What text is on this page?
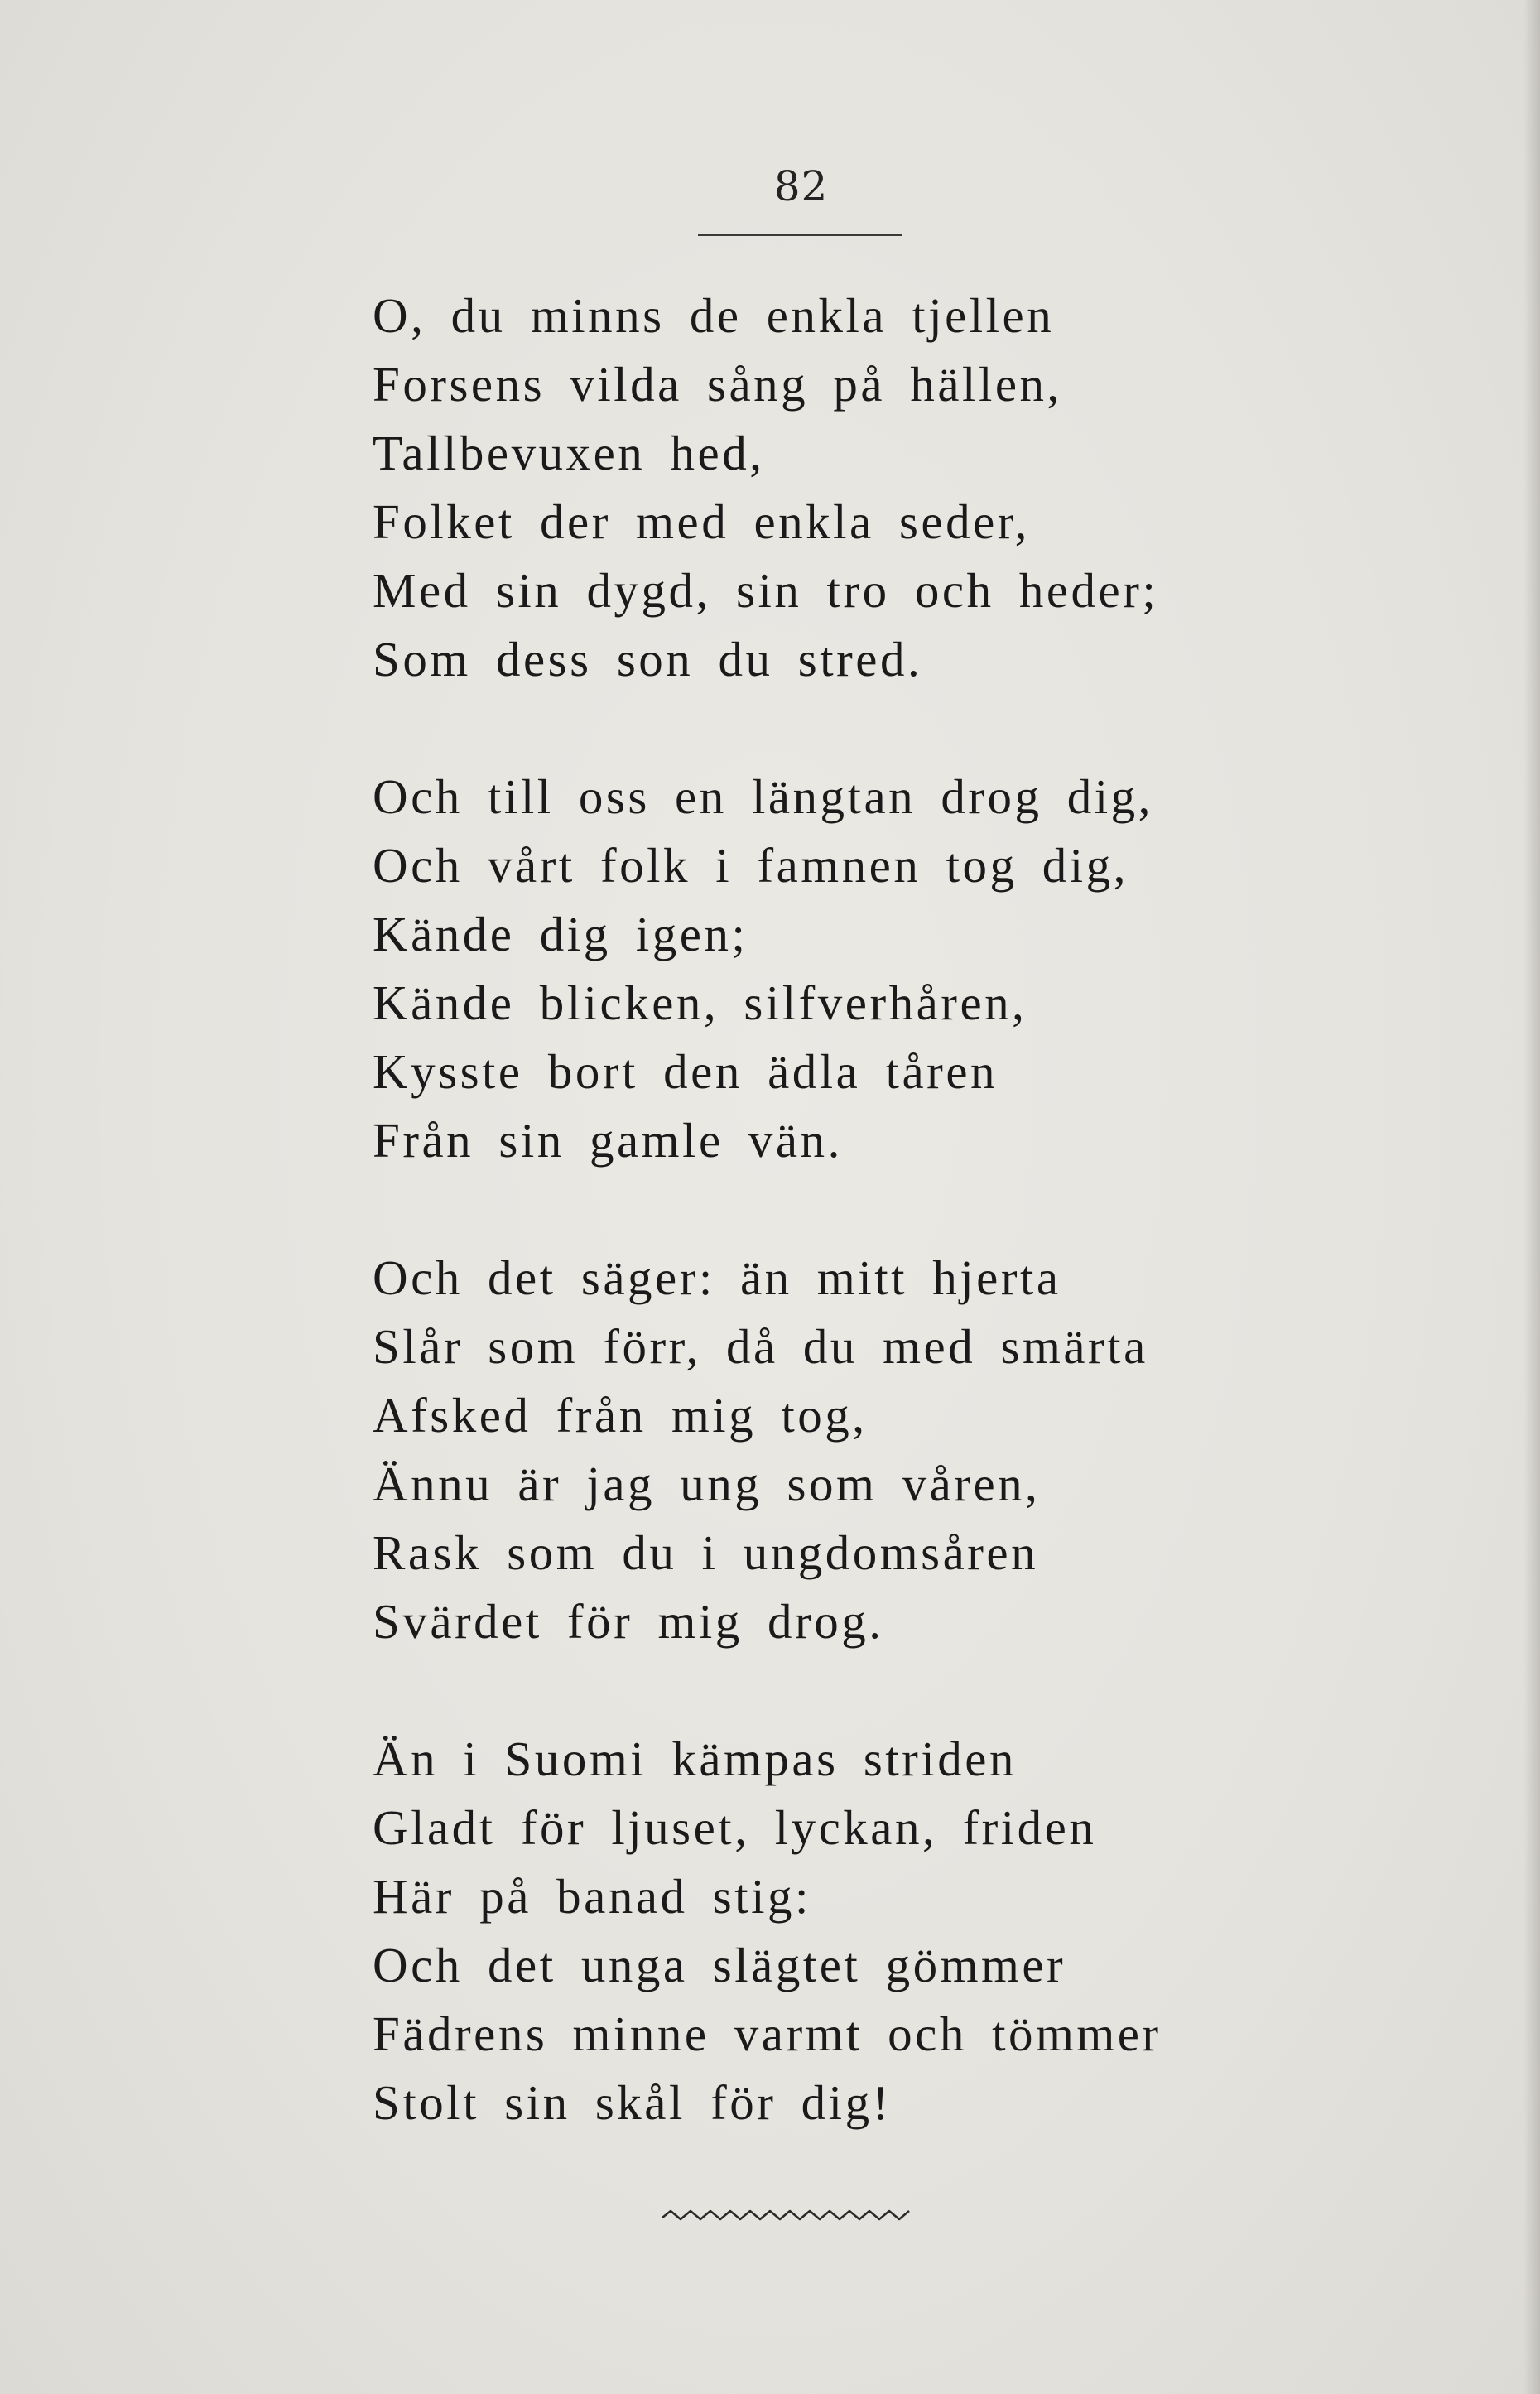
82
O, du minns de enkla tjellen
Forsens vilda sång på hällen,
Tallbevuxen hed,
Folket der med enkla seder,
Med sin dygd, sin tro och heder;
Som dess son du stred.
Och till oss en längtan drog dig,
Och vårt folk i famnen tog dig,
Kände dig igen;
Kände blicken, silfverhåren,
Kysste bort den ädla tåren
Från sin gamle vän.
Och det säger: än mitt hjerta
Slår som förr, då du med smärta
Afsked från mig tog,
Ännu är jag ung som våren,
Rask som du i ungdomsåren
Svärdet för mig drog.
Än i Suomi kämpas striden
Gladt för ljuset, lyckan, friden
Här på banad stig:
Och det unga slägtet gömmer
Fädrens minne varmt och tömmer
Stolt sin skål för dig!
